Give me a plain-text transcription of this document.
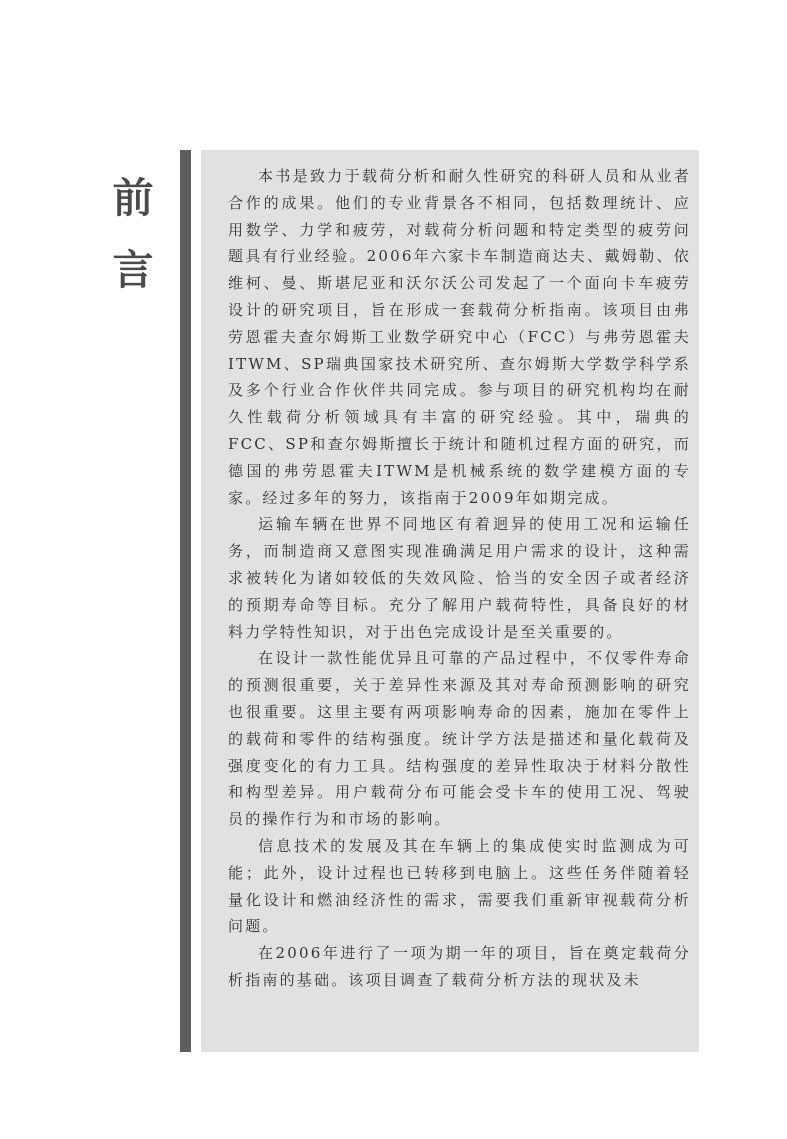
前
言

本书是致力于载荷分析和耐久性研究的科研人员和从业者合作的成果。他们的专业背景各不相同，包括数理统计、应用数学、力学和疲劳，对载荷分析问题和特定类型的疲劳问题具有行业经验。2006年六家卡车制造商达夫、戴姆勒、依维柯、曼、斯堪尼亚和沃尔沃公司发起了一个面向卡车疲劳设计的研究项目，旨在形成一套载荷分析指南。该项目由弗劳恩霍夫查尔姆斯工业数学研究中心（FCC）与弗劳恩霍夫ITWM、SP瑞典国家技术研究所、查尔姆斯大学数学科学系及多个行业合作伙伴共同完成。参与项目的研究机构均在耐久性载荷分析领域具有丰富的研究经验。其中，瑞典的FCC、SP和查尔姆斯擅长于统计和随机过程方面的研究，而德国的弗劳恩霍夫ITWM是机械系统的数学建模方面的专家。经过多年的努力，该指南于2009年如期完成。

运输车辆在世界不同地区有着迥异的使用工况和运输任务，而制造商又意图实现准确满足用户需求的设计，这种需求被转化为诸如较低的失效风险、恰当的安全因子或者经济的预期寿命等目标。充分了解用户载荷特性，具备良好的材料力学特性知识，对于出色完成设计是至关重要的。

在设计一款性能优异且可靠的产品过程中，不仅零件寿命的预测很重要，关于差异性来源及其对寿命预测影响的研究也很重要。这里主要有两项影响寿命的因素，施加在零件上的载荷和零件的结构强度。统计学方法是描述和量化载荷及强度变化的有力工具。结构强度的差异性取决于材料分散性和构型差异。用户载荷分布可能会受卡车的使用工况、驾驶员的操作行为和市场的影响。

信息技术的发展及其在车辆上的集成使实时监测成为可能；此外，设计过程也已转移到电脑上。这些任务伴随着轻量化设计和燃油经济性的需求，需要我们重新审视载荷分析问题。

在2006年进行了一项为期一年的项目，旨在奠定载荷分析指南的基础。该项目调查了载荷分析方法的现状及未
